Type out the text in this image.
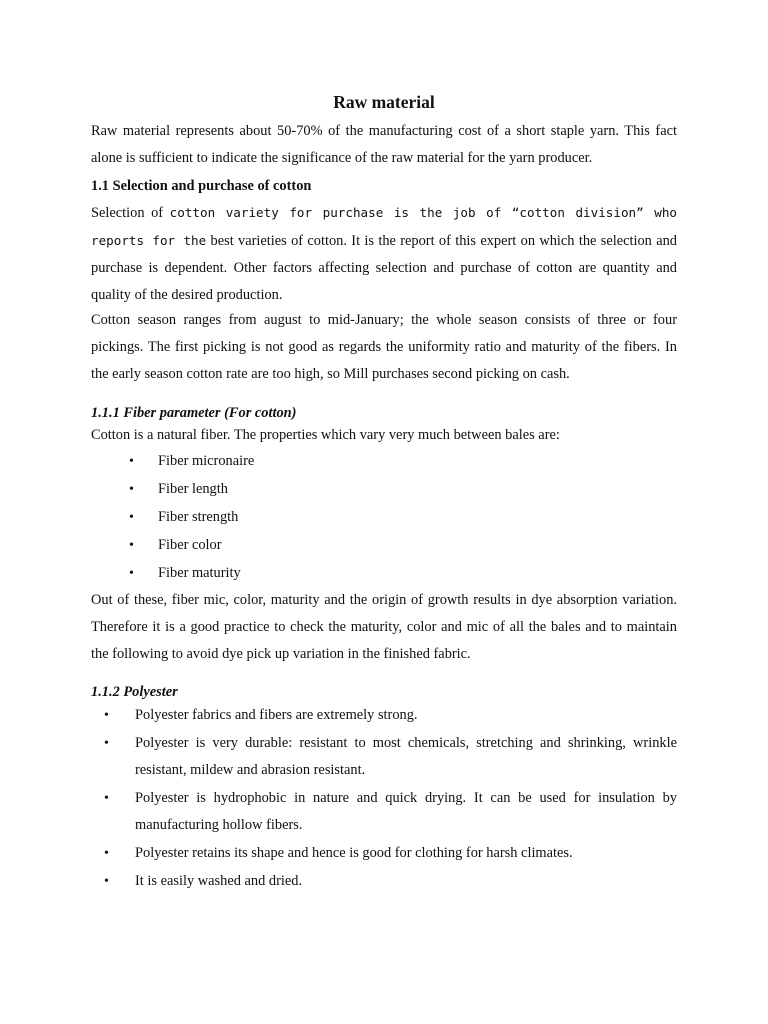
Raw material

Raw material represents about 50-70% of the manufacturing cost of a short staple yarn. This fact alone is sufficient to indicate the significance of the raw material for the yarn producer.

1.1 Selection and purchase of cotton

Selection of cotton variety for purchase is the job of “cotton division” who reports for the best varieties of cotton. It is the report of this expert on which the selection and purchase is dependent. Other factors affecting selection and purchase of cotton are quantity and quality of the desired production.

Cotton season ranges from august to mid-January; the whole season consists of three or four pickings. The first picking is not good as regards the uniformity ratio and maturity of the fibers. In the early season cotton rate are too high, so Mill purchases second picking on cash.

1.1.1 Fiber parameter (For cotton)

Cotton is a natural fiber. The properties which vary very much between bales are:

• Fiber micronaire
• Fiber length
• Fiber strength
• Fiber color
• Fiber maturity

Out of these, fiber mic, color, maturity and the origin of growth results in dye absorption variation. Therefore it is a good practice to check the maturity, color and mic of all the bales and to maintain the following to avoid dye pick up variation in the finished fabric.

1.1.2 Polyester

• Polyester fabrics and fibers are extremely strong.
• Polyester is very durable: resistant to most chemicals, stretching and shrinking, wrinkle resistant, mildew and abrasion resistant.
• Polyester is hydrophobic in nature and quick drying. It can be used for insulation by manufacturing hollow fibers.
• Polyester retains its shape and hence is good for clothing for harsh climates.
• It is easily washed and dried.
